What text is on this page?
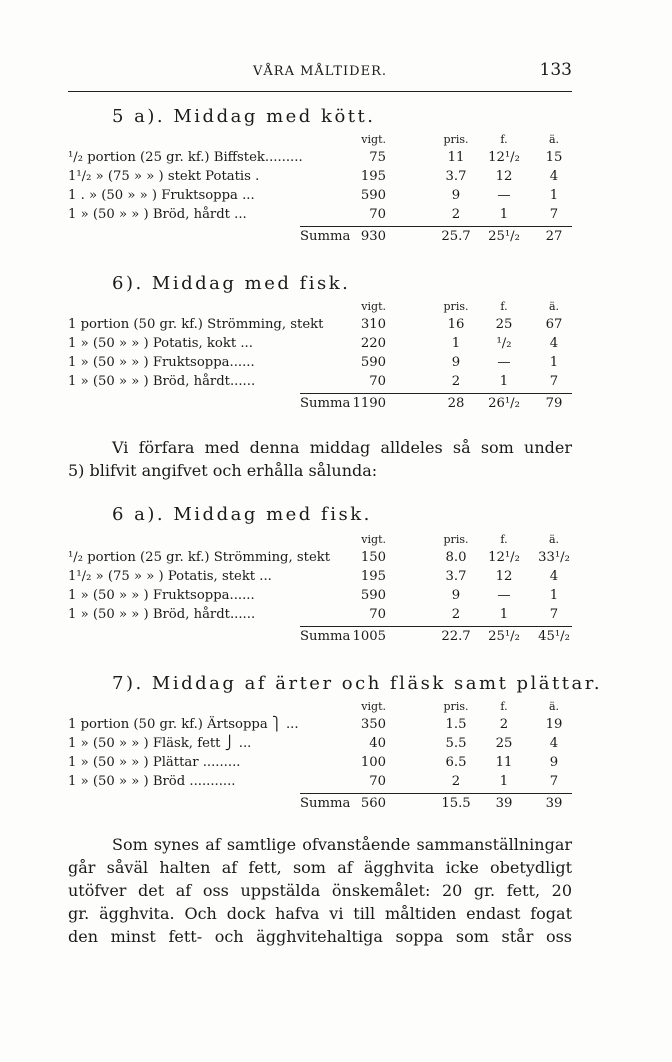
VÅRA MÅLTIDER.	133
5 a). Middag med kött.
vigt.	pris.	f.	ä.
¹/₂ portion (25 gr. kf.) Biffstek.........	75	11	12¹/₂	15
1¹/₂ » (75 » » ) stekt Potatis .	195	3.7	12	4
1 . » (50 » » ) Fruktsoppa ...	590	9	—	1
1 » (50 » » ) Bröd, hårdt ...	70	2	1	7
Summa 930	25.7	25¹/₂	27
6). Middag med fisk.
vigt.	pris.	f.	ä.
1 portion (50 gr. kf.) Strömming, stekt	310	16	25	67
1 » (50 » » ) Potatis, kokt ...	220	1	¹/₂	4
1 » (50 » » ) Fruktsoppa......	590	9	—	1
1 » (50 » » ) Bröd, hårdt......	70	2	1	7
Summa 1190	28	26¹/₂	79
Vi förfara med denna middag alldeles så som under
5) blifvit angifvet och erhålla sålunda:
6 a). Middag med fisk.
vigt.	pris.	f.	ä.
¹/₂ portion (25 gr. kf.) Strömming, stekt 150	8.0	12¹/₂	33¹/₂
1¹/₂ » (75 » » ) Potatis, stekt ...	195	3.7	12	4
1 » (50 » » ) Fruktsoppa......	590	9	—	1
1 » (50 » » ) Bröd, hårdt......	70	2	1	7
Summa 1005	22.7	25¹/₂	45¹/₂
7). Middag af ärter och fläsk samt plättar.
vigt.	pris.	f.	ä.
1 portion (50 gr. kf.) Ärtsoppa ⎫ ...	350	1.5	2	19
1 » (50 » » ) Fläsk, fett ⎭ ...	40	5.5	25	4
1 » (50 » » ) Plättar .........	100	6.5	11	9
1 » (50 » » ) Bröd ...........	70	2	1	7
Summa 560	15.5	39	39
Som synes af samtlige ofvanstående sammanställningar
går såväl halten af fett, som af ägghvita icke obetydligt
utöfver det af oss uppstälda önskemålet: 20 gr. fett, 20
gr. ägghvita. Och dock hafva vi till måltiden endast fogat
den minst fett- och ägghvitehaltiga soppa som står oss
